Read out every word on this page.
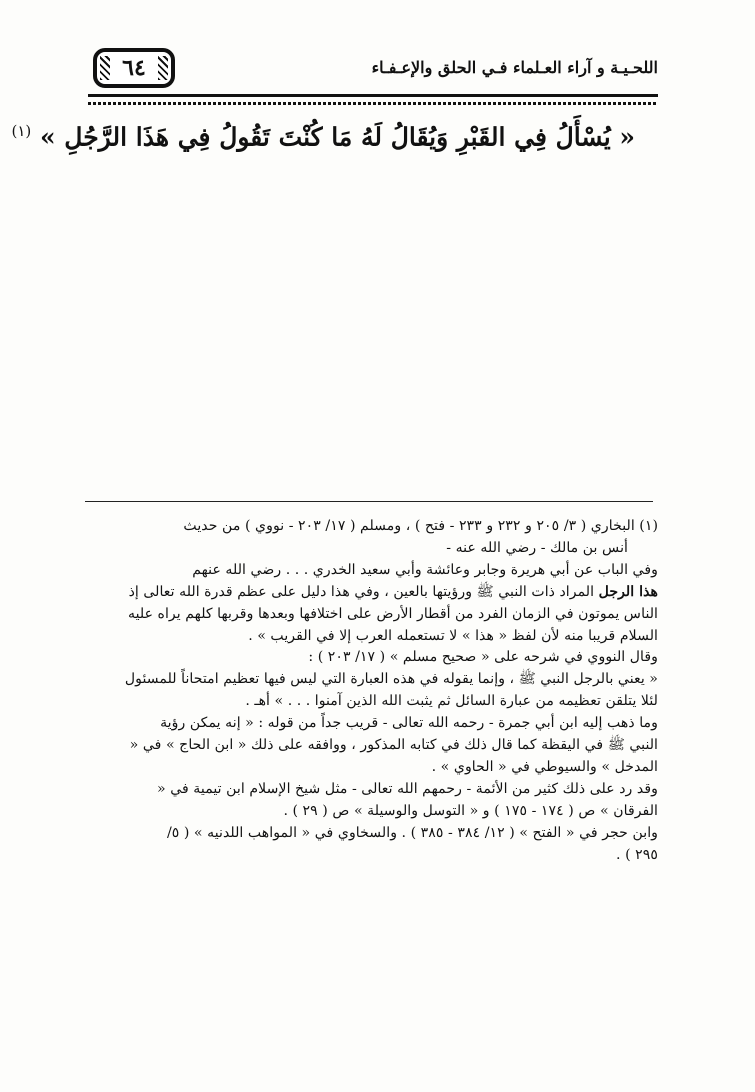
٦٤	اللحـيـة و آراء العـلماء فـي الحلق والإعـفـاء
« يُسْأَلُ فِي القَبْرِ وَيُقَالُ لَهُ مَا كُنْتَ تَقُولُ فِي هَذَا الرَّجُلِ » $^{(١)}$

(١) البخاري ( ٣/ ٢٠٥ و ٢٣٢ و ٢٣٣ - فتح ) ، ومسلم ( ١٧/ ٢٠٣ - نووي ) من حديث

أنس بن مالك - رضي الله عنه -

وفي الباب عن أبي هريرة وجابر وعائشة وأبي سعيد الخدري . . . رضي الله عنهم

هذا الرجل المراد ذات النبي ﷺ ورؤيتها بالعين ، وفي هذا دليل على عظم قدرة الله تعالى إذ

الناس يموتون في الزمان الفرد من أقطار الأرض على اختلافها وبعدها وقربها كلهم يراه عليه

السلام قريبا منه لأن لفظ « هذا » لا تستعمله العرب إلا في القريب » .

وقال النووي في شرحه على « صحيح مسلم » ( ١٧/ ٢٠٣ ) :

« يعني بالرجل النبي ﷺ ، وإنما يقوله في هذه العبارة التي ليس فيها تعظيم امتحاناً للمسئول

لئلا يتلقن تعظيمه من عبارة السائل ثم يثبت الله الذين آمنوا . . . » أهـ .

وما ذهب إليه ابن أبي جمرة - رحمه الله تعالى - قريب جداً من قوله : « إنه يمكن رؤية

النبي ﷺ في اليقظة كما قال ذلك في كتابه المذكور ، ووافقه على ذلك « ابن الحاج » في «

المدخل » والسيوطي في « الحاوي » .

وقد رد على ذلك كثير من الأئمة - رحمهم الله تعالى - مثل شيخ الإسلام ابن تيمية في «

الفرقان » ص ( ١٧٤ - ١٧٥ ) و « التوسل والوسيلة » ص ( ٢٩ ) .

وابن حجر في « الفتح » ( ١٢/ ٣٨٤ - ٣٨٥ ) . والسخاوي في « المواهب اللدنيه » ( ٥/

٢٩٥ ) .
